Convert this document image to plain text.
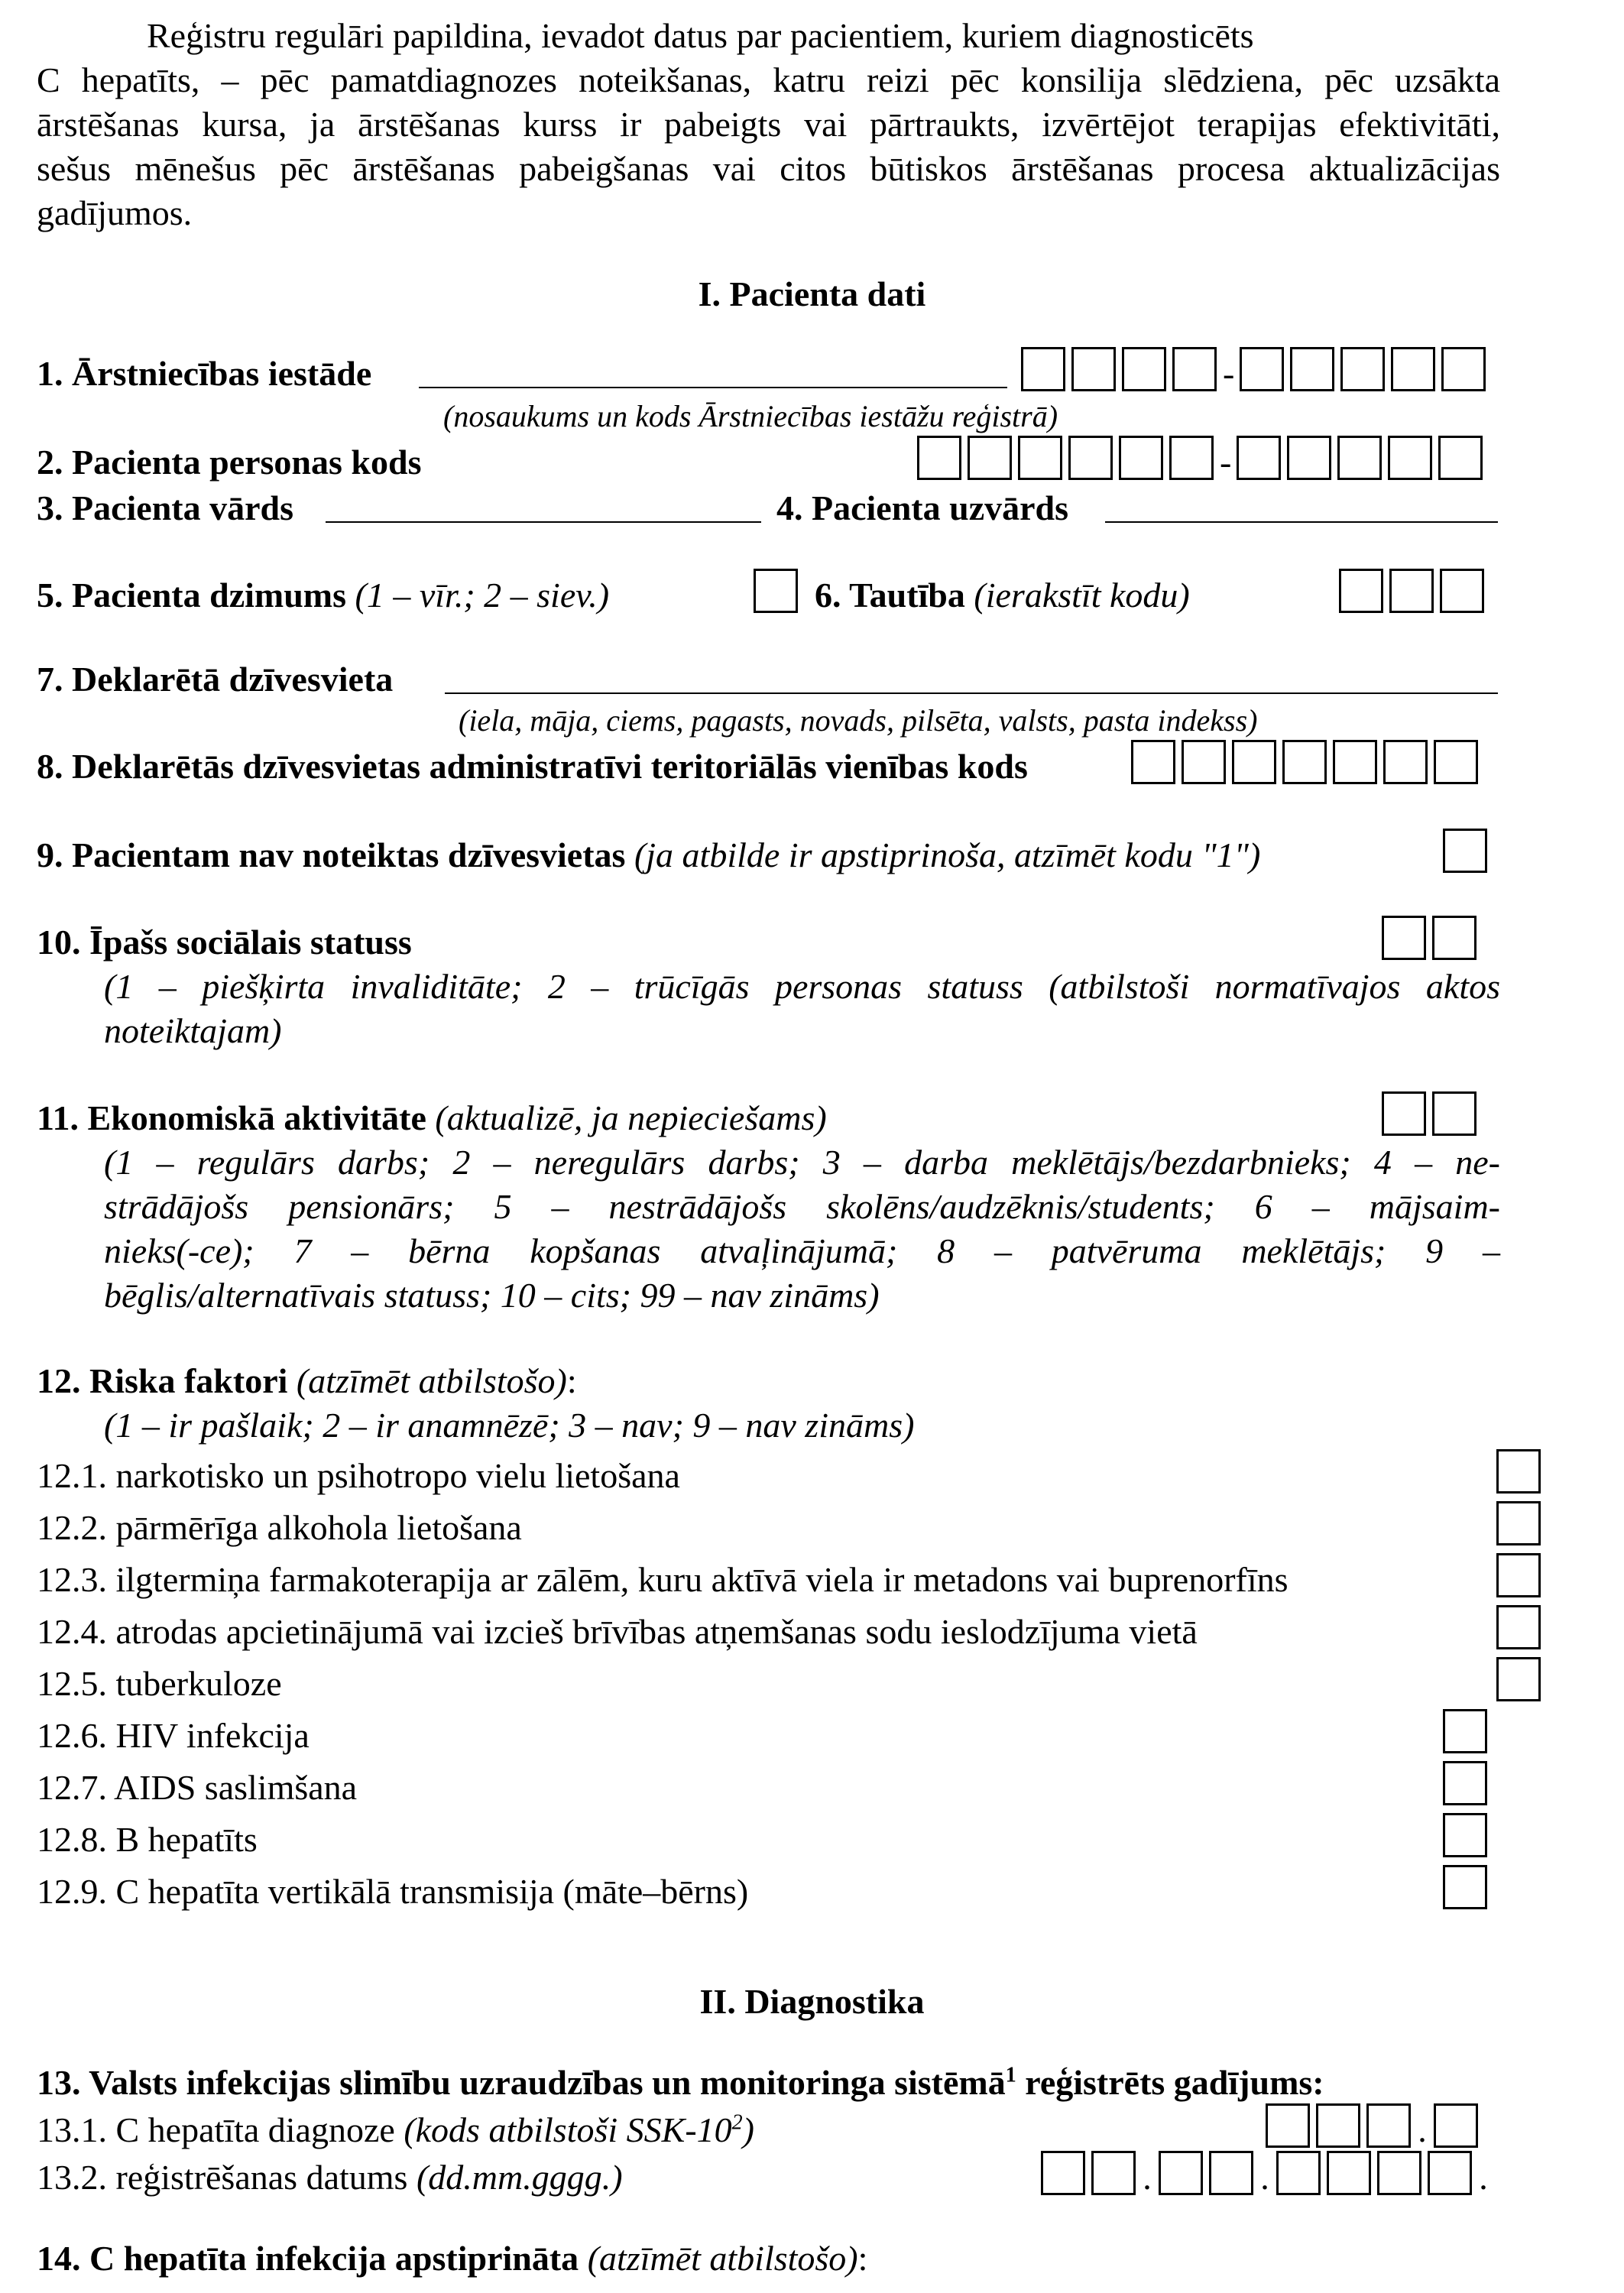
Reģistru regulāri papildina, ievadot datus par pacientiem, kuriem diagnosticēts
C hepatīts, – pēc pamatdiagnozes noteikšanas, katru reizi pēc konsilija slēdziena, pēc uzsākta
ārstēšanas kursa, ja ārstēšanas kurss ir pabeigts vai pārtraukts, izvērtējot terapijas efektivitāti,
sešus mēnešus pēc ārstēšanas pabeigšanas vai citos būtiskos ārstēšanas procesa aktualizācijas
gadījumos.
I. Pacienta dati
1. Ārstniecības iestāde	-
(nosaukums un kods Ārstniecības iestāžu reģistrā)
2. Pacienta personas kods	-
3. Pacienta vārds	4. Pacienta uzvārds
5. Pacienta dzimums (1 – vīr.; 2 – siev.)	6. Tautība (ierakstīt kodu)
7. Deklarētā dzīvesvieta
(iela, māja, ciems, pagasts, novads, pilsēta, valsts, pasta indekss)
8. Deklarētās dzīvesvietas administratīvi teritoriālās vienības kods
9. Pacientam nav noteiktas dzīvesvietas (ja atbilde ir apstiprinoša, atzīmēt kodu "1")
10. Īpašs sociālais statuss
(1 – piešķirta invaliditāte; 2 – trūcīgās personas statuss (atbilstoši normatīvajos aktos
noteiktajam)
11. Ekonomiskā aktivitāte (aktualizē, ja nepieciešams)
(1 – regulārs darbs; 2 – neregulārs darbs; 3 – darba meklētājs/bezdarbnieks; 4 – ne-
strādājošs pensionārs; 5 – nestrādājošs skolēns/audzēknis/students; 6 – mājsaim-
nieks(-ce); 7 – bērna kopšanas atvaļinājumā; 8 – patvēruma meklētājs; 9 –
bēglis/alternatīvais statuss; 10 – cits; 99 – nav zināms)
12. Riska faktori (atzīmēt atbilstošo):
(1 – ir pašlaik; 2 – ir anamnēzē; 3 – nav; 9 – nav zināms)
12.1. narkotisko un psihotropo vielu lietošana
12.2. pārmērīga alkohola lietošana
12.3. ilgtermiņa farmakoterapija ar zālēm, kuru aktīvā viela ir metadons vai buprenorfīns
12.4. atrodas apcietinājumā vai izcieš brīvības atņemšanas sodu ieslodzījuma vietā
12.5. tuberkuloze
12.6. HIV infekcija
12.7. AIDS saslimšana
12.8. B hepatīts
12.9. C hepatīta vertikālā transmisija (māte–bērns)
II. Diagnostika
13. Valsts infekcijas slimību uzraudzības un monitoringa sistēmā$^1$ reģistrēts gadījums:
13.1. C hepatīta diagnoze (kods atbilstoši SSK-$10^2$)	.
13.2. reģistrēšanas datums (dd.mm.gggg.)	.	.	.
14. C hepatīta infekcija apstiprināta (atzīmēt atbilstošo):
